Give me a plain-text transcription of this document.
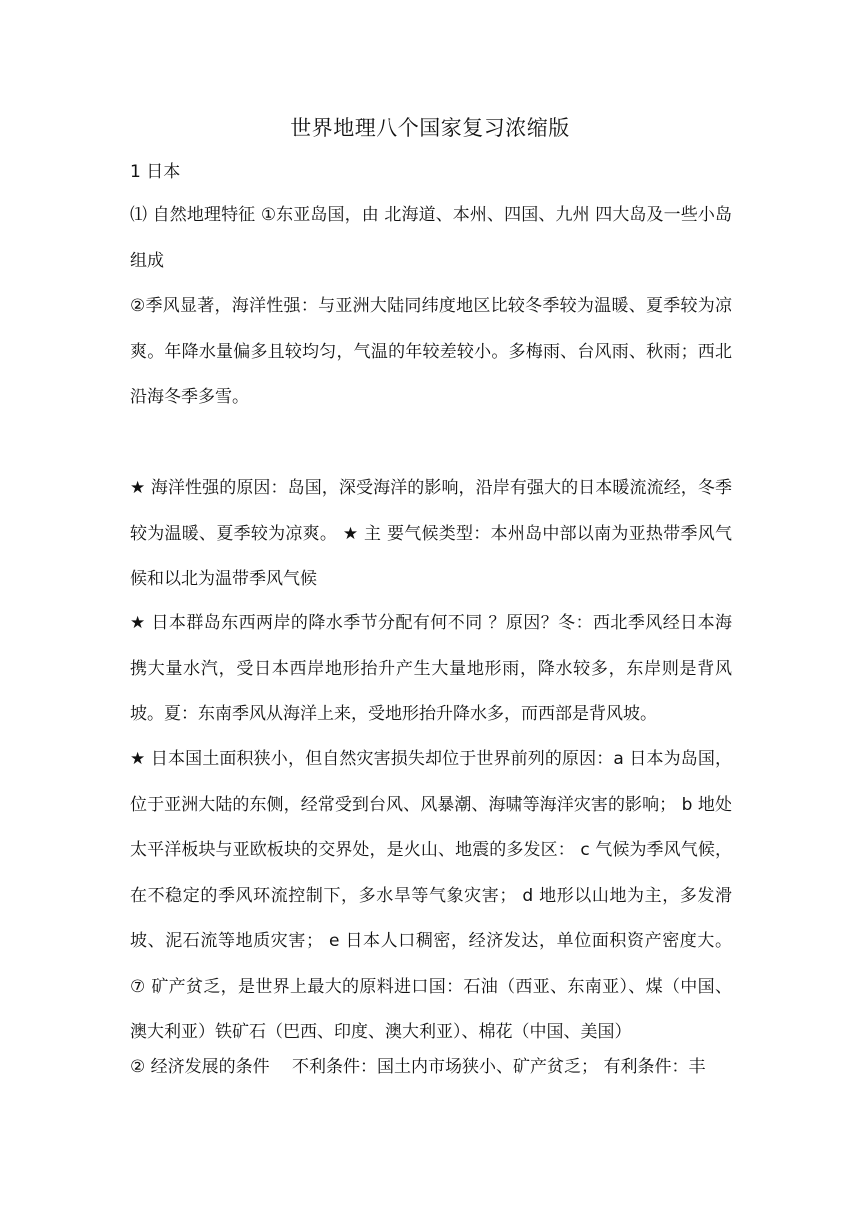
世界地理八个国家复习浓缩版
1 日本

⑴ 自然地理特征 ①东亚岛国，由 北海道、本州、四国、九州 四大岛及一些小岛组成

②季风显著，海洋性强：与亚洲大陆同纬度地区比较冬季较为温暖、夏季较为凉爽。年降水量偏多且较均匀，气温的年较差较小。多梅雨、台风雨、秋雨；西北沿海冬季多雪。

★ 海洋性强的原因：岛国，深受海洋的影响，沿岸有强大的日本暖流流经，冬季较为温暖、夏季较为凉爽。 ★ 主 要气候类型：本州岛中部以南为亚热带季风气候和以北为温带季风气候

★ 日本群岛东西两岸的降水季节分配有何不同 ？原因？冬：西北季风经日本海携大量水汽，受日本西岸地形抬升产生大量地形雨，降水较多，东岸则是背风坡。夏：东南季风从海洋上来，受地形抬升降水多，而西部是背风坡。

★ 日本国土面积狭小，但自然灾害损失却位于世界前列的原因：a 日本为岛国，位于亚洲大陆的东侧，经常受到台风、风暴潮、海啸等海洋灾害的影响； b 地处太平洋板块与亚欧板块的交界处，是火山、地震的多发区： c 气候为季风气候，在不稳定的季风环流控制下，多水旱等气象灾害； d 地形以山地为主，多发滑坡、泥石流等地质灾害； e 日本人口稠密，经济发达，单位面积资产密度大。 ⑦ 矿产贫乏，是世界上最大的原料进口国：石油（西亚、东南亚）、煤（中国、澳大利亚）铁矿石（巴西、印度、澳大利亚）、棉花（中国、美国）

② 经济发展的条件　 不利条件：国土内市场狭小、矿产贫乏； 有利条件：丰
